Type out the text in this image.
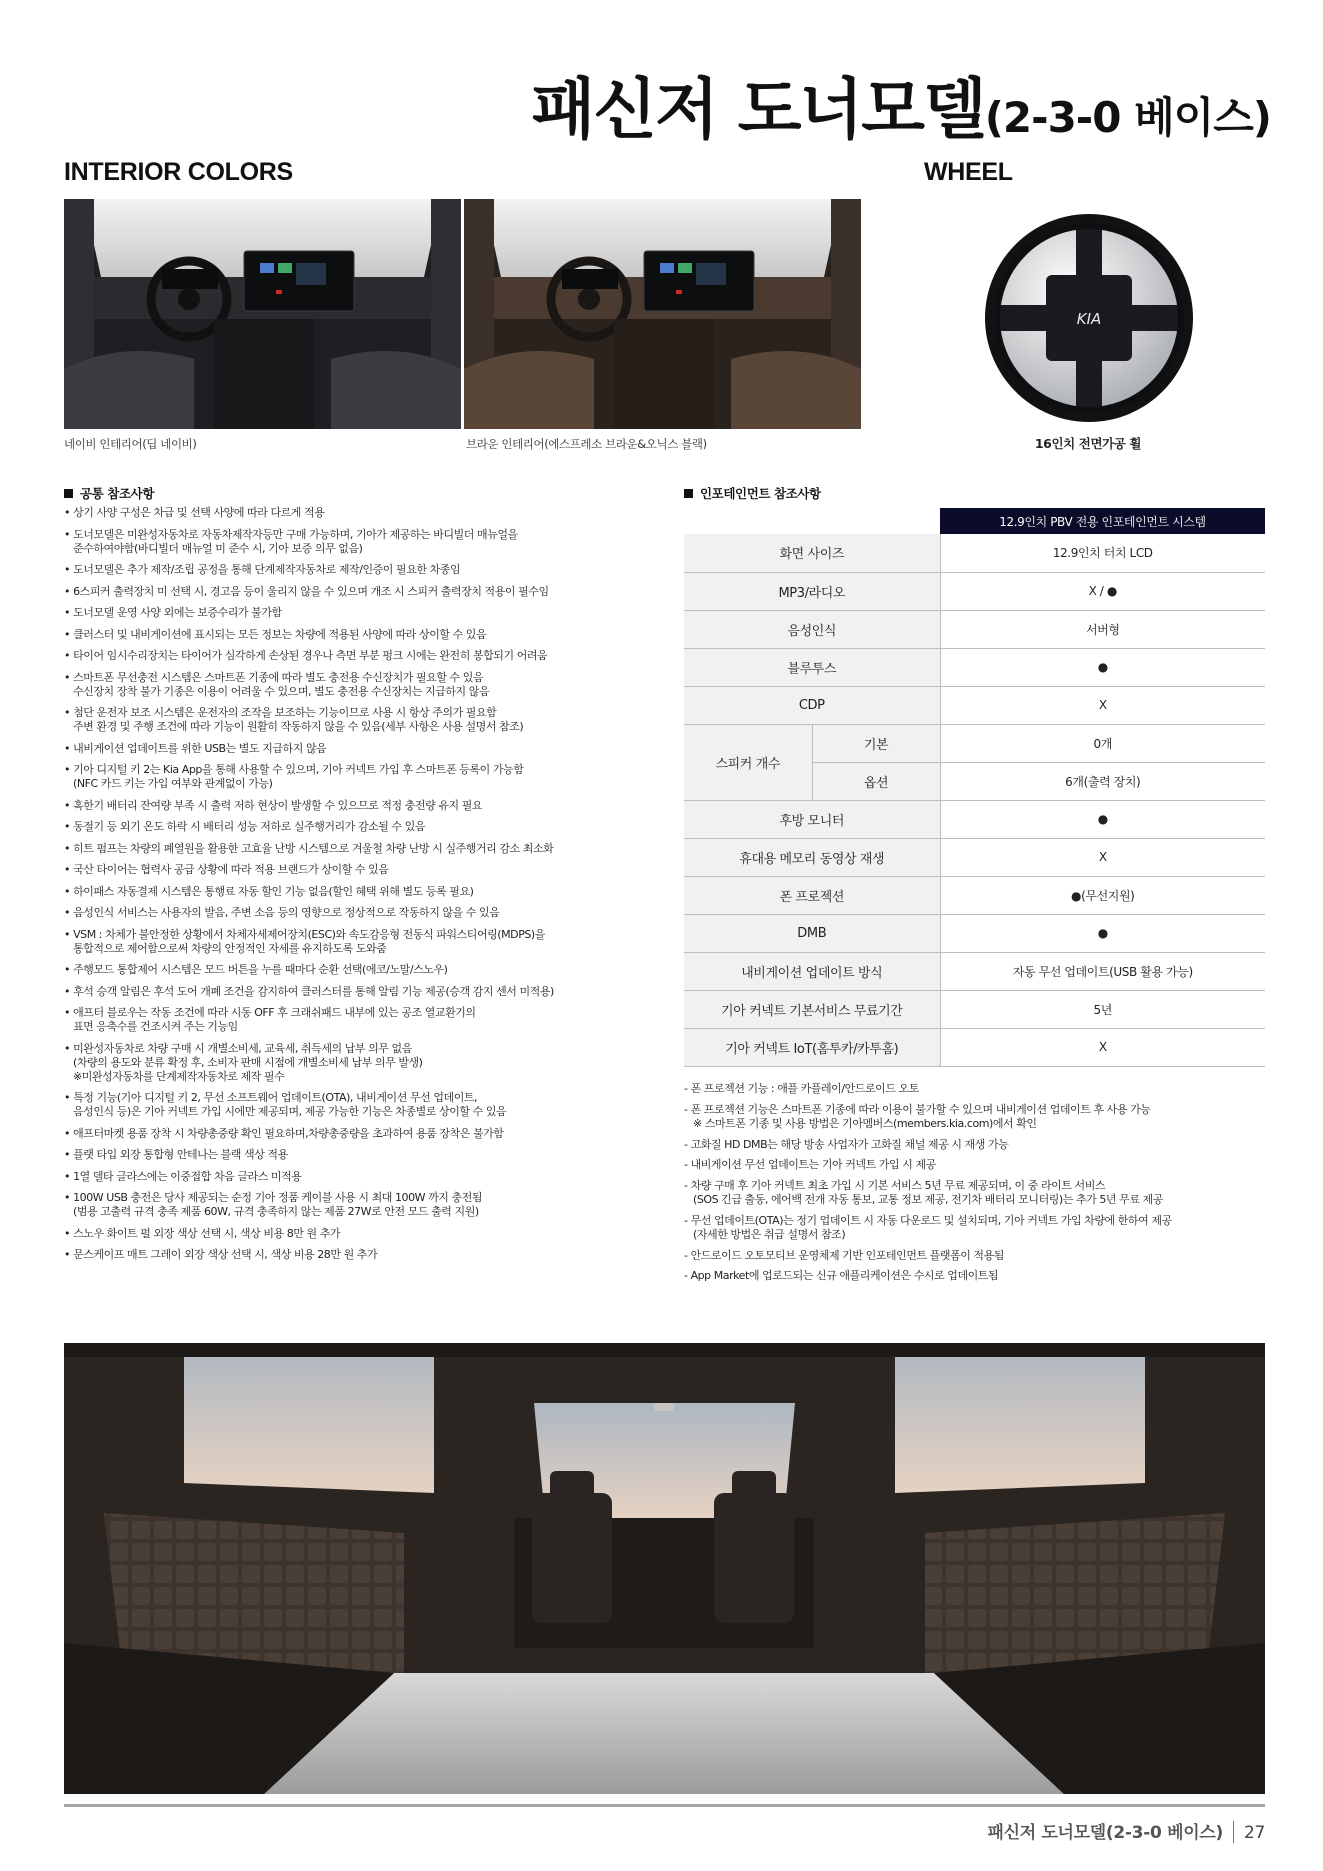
패신저 도너모델(2-3-0 베이스)
INTERIOR COLORS	WHEEL
네이비 인테리어(딥 네이비)	브라운 인테리어(에스프레소 브라운&오닉스 블랙)
KIA
16인치 전면가공 휠
공통 참조사항
• 상기 사양 구성은 차급 및 선택 사양에 따라 다르게 적용
• 도너모델은 미완성자동차로 자동차제작자등만 구매 가능하며, 기아가 제공하는 바디빌더 매뉴얼을
준수하여야함(바디빌더 매뉴얼 미 준수 시, 기아 보증 의무 없음)
• 도너모델은 추가 제작/조립 공정을 통해 단계제작자동차로 제작/인증이 필요한 차종임
• 6스피커 출력장치 미 선택 시, 경고음 등이 울리지 않을 수 있으며 개조 시 스피커 출력장치 적용이 필수임
• 도너모델 운영 사양 외에는 보증수리가 불가함
• 클러스터 및 내비게이션에 표시되는 모든 정보는 차량에 적용된 사양에 따라 상이할 수 있음
• 타이어 임시수리장치는 타이어가 심각하게 손상된 경우나 측면 부분 펑크 시에는 완전히 봉합되기 어려움
• 스마트폰 무선충전 시스템은 스마트폰 기종에 따라 별도 충전용 수신장치가 필요할 수 있음
수신장치 장착 불가 기종은 이용이 어려울 수 있으며, 별도 충전용 수신장치는 지급하지 않음
• 첨단 운전자 보조 시스템은 운전자의 조작을 보조하는 기능이므로 사용 시 항상 주의가 필요함
주변 환경 및 주행 조건에 따라 기능이 원활히 작동하지 않을 수 있음(세부 사항은 사용 설명서 참조)
• 내비게이션 업데이트를 위한 USB는 별도 지급하지 않음
• 기아 디지털 키 2는 Kia App을 통해 사용할 수 있으며, 기아 커넥트 가입 후 스마트폰 등록이 가능함
(NFC 카드 키는 가입 여부와 관계없이 가능)
• 혹한기 배터리 잔여량 부족 시 출력 저하 현상이 발생할 수 있으므로 적정 충전량 유지 필요
• 동절기 등 외기 온도 하락 시 배터리 성능 저하로 실주행거리가 감소될 수 있음
• 히트 펌프는 차량의 폐열원을 활용한 고효율 난방 시스템으로 겨울철 차량 난방 시 실주행거리 감소 최소화
• 국산 타이어는 협력사 공급 상황에 따라 적용 브랜드가 상이할 수 있음
• 하이패스 자동결제 시스템은 통행료 자동 할인 기능 없음(할인 혜택 위해 별도 등록 필요)
• 음성인식 서비스는 사용자의 발음, 주변 소음 등의 영향으로 정상적으로 작동하지 않을 수 있음
• VSM : 차체가 불안정한 상황에서 차체자세제어장치(ESC)와 속도감응형 전동식 파워스티어링(MDPS)을
통합적으로 제어함으로써 차량의 안정적인 자세를 유지하도록 도와줌
• 주행모드 통합제어 시스템은 모드 버튼을 누를 때마다 순환 선택(에코/노말/스노우)
• 후석 승객 알림은 후석 도어 개폐 조건을 감지하여 클러스터를 통해 알림 기능 제공(승객 감지 센서 미적용)
• 애프터 블로우는 작동 조건에 따라 시동 OFF 후 크래쉬패드 내부에 있는 공조 열교환기의
표면 응축수를 건조시켜 주는 기능임
• 미완성자동차로 차량 구매 시 개별소비세, 교육세, 취득세의 납부 의무 없음
(차량의 용도와 분류 확정 후, 소비자 판매 시점에 개별소비세 납부 의무 발생)
※미완성자동차를 단계제작자동차로 제작 필수
• 특정 기능(기아 디지털 키 2, 무선 소프트웨어 업데이트(OTA), 내비게이션 무선 업데이트,
음성인식 등)은 기아 커넥트 가입 시에만 제공되며, 제공 가능한 기능은 차종별로 상이할 수 있음
• 애프터마켓 용품 장착 시 차량총중량 확인 필요하며,차량총중량을 초과하여 용품 장착은 불가함
• 플랫 타입 외장 통합형 안테나는 블랙 색상 적용
• 1열 델타 글라스에는 이중접합 차음 글라스 미적용
• 100W USB 충전은 당사 제공되는 순정 기아 정품 케이블 사용 시 최대 100W 까지 충전됨
(범용 고출력 규격 충족 제품 60W, 규격 충족하지 않는 제품 27W로 안전 모드 출력 지원)
• 스노우 화이트 펄 외장 색상 선택 시, 색상 비용 8만 원 추가
• 문스케이프 매트 그레이 외장 색상 선택 시, 색상 비용 28만 원 추가
인포테인먼트 참조사항
		12.9인치 PBV 전용 인포테인먼트 시스템
화면 사이즈		12.9인치 터치 LCD
MP3/라디오		X / ●
음성인식		서버형
블루투스		●
CDP		X
스피커 개수	기본	0개
	옵션	6개(출력 장치)
후방 모니터		●
휴대용 메모리 동영상 재생		X
폰 프로젝션		●(무선지원)
DMB		●
내비게이션 업데이트 방식		자동 무선 업데이트(USB 활용 가능)
기아 커넥트 기본서비스 무료기간		5년
기아 커넥트 IoT(홈투카/카투홈)		X
- 폰 프로젝션 기능 : 애플 카플레이/안드로이드 오토
- 폰 프로젝션 기능은 스마트폰 기종에 따라 이용이 불가할 수 있으며 내비게이션 업데이트 후 사용 가능
※ 스마트폰 기종 및 사용 방법은 기아멤버스(members.kia.com)에서 확인
- 고화질 HD DMB는 해당 방송 사업자가 고화질 채널 제공 시 재생 가능
- 내비게이션 무선 업데이트는 기아 커넥트 가입 시 제공
- 차량 구매 후 기아 커넥트 최초 가입 시 기본 서비스 5년 무료 제공되며, 이 중 라이트 서비스
(SOS 긴급 출동, 에어백 전개 자동 통보, 교통 정보 제공, 전기차 배터리 모니터링)는 추가 5년 무료 제공
- 무선 업데이트(OTA)는 정기 업데이트 시 자동 다운로드 및 설치되며, 기아 커넥트 가입 차량에 한하여 제공
(자세한 방법은 취급 설명서 참조)
- 안드로이드 오토모티브 운영체제 기반 인포테인먼트 플랫폼이 적용됨
- App Market에 업로드되는 신규 애플리케이션은 수시로 업데이트됨
패신저 도너모델(2-3-0 베이스) 27
